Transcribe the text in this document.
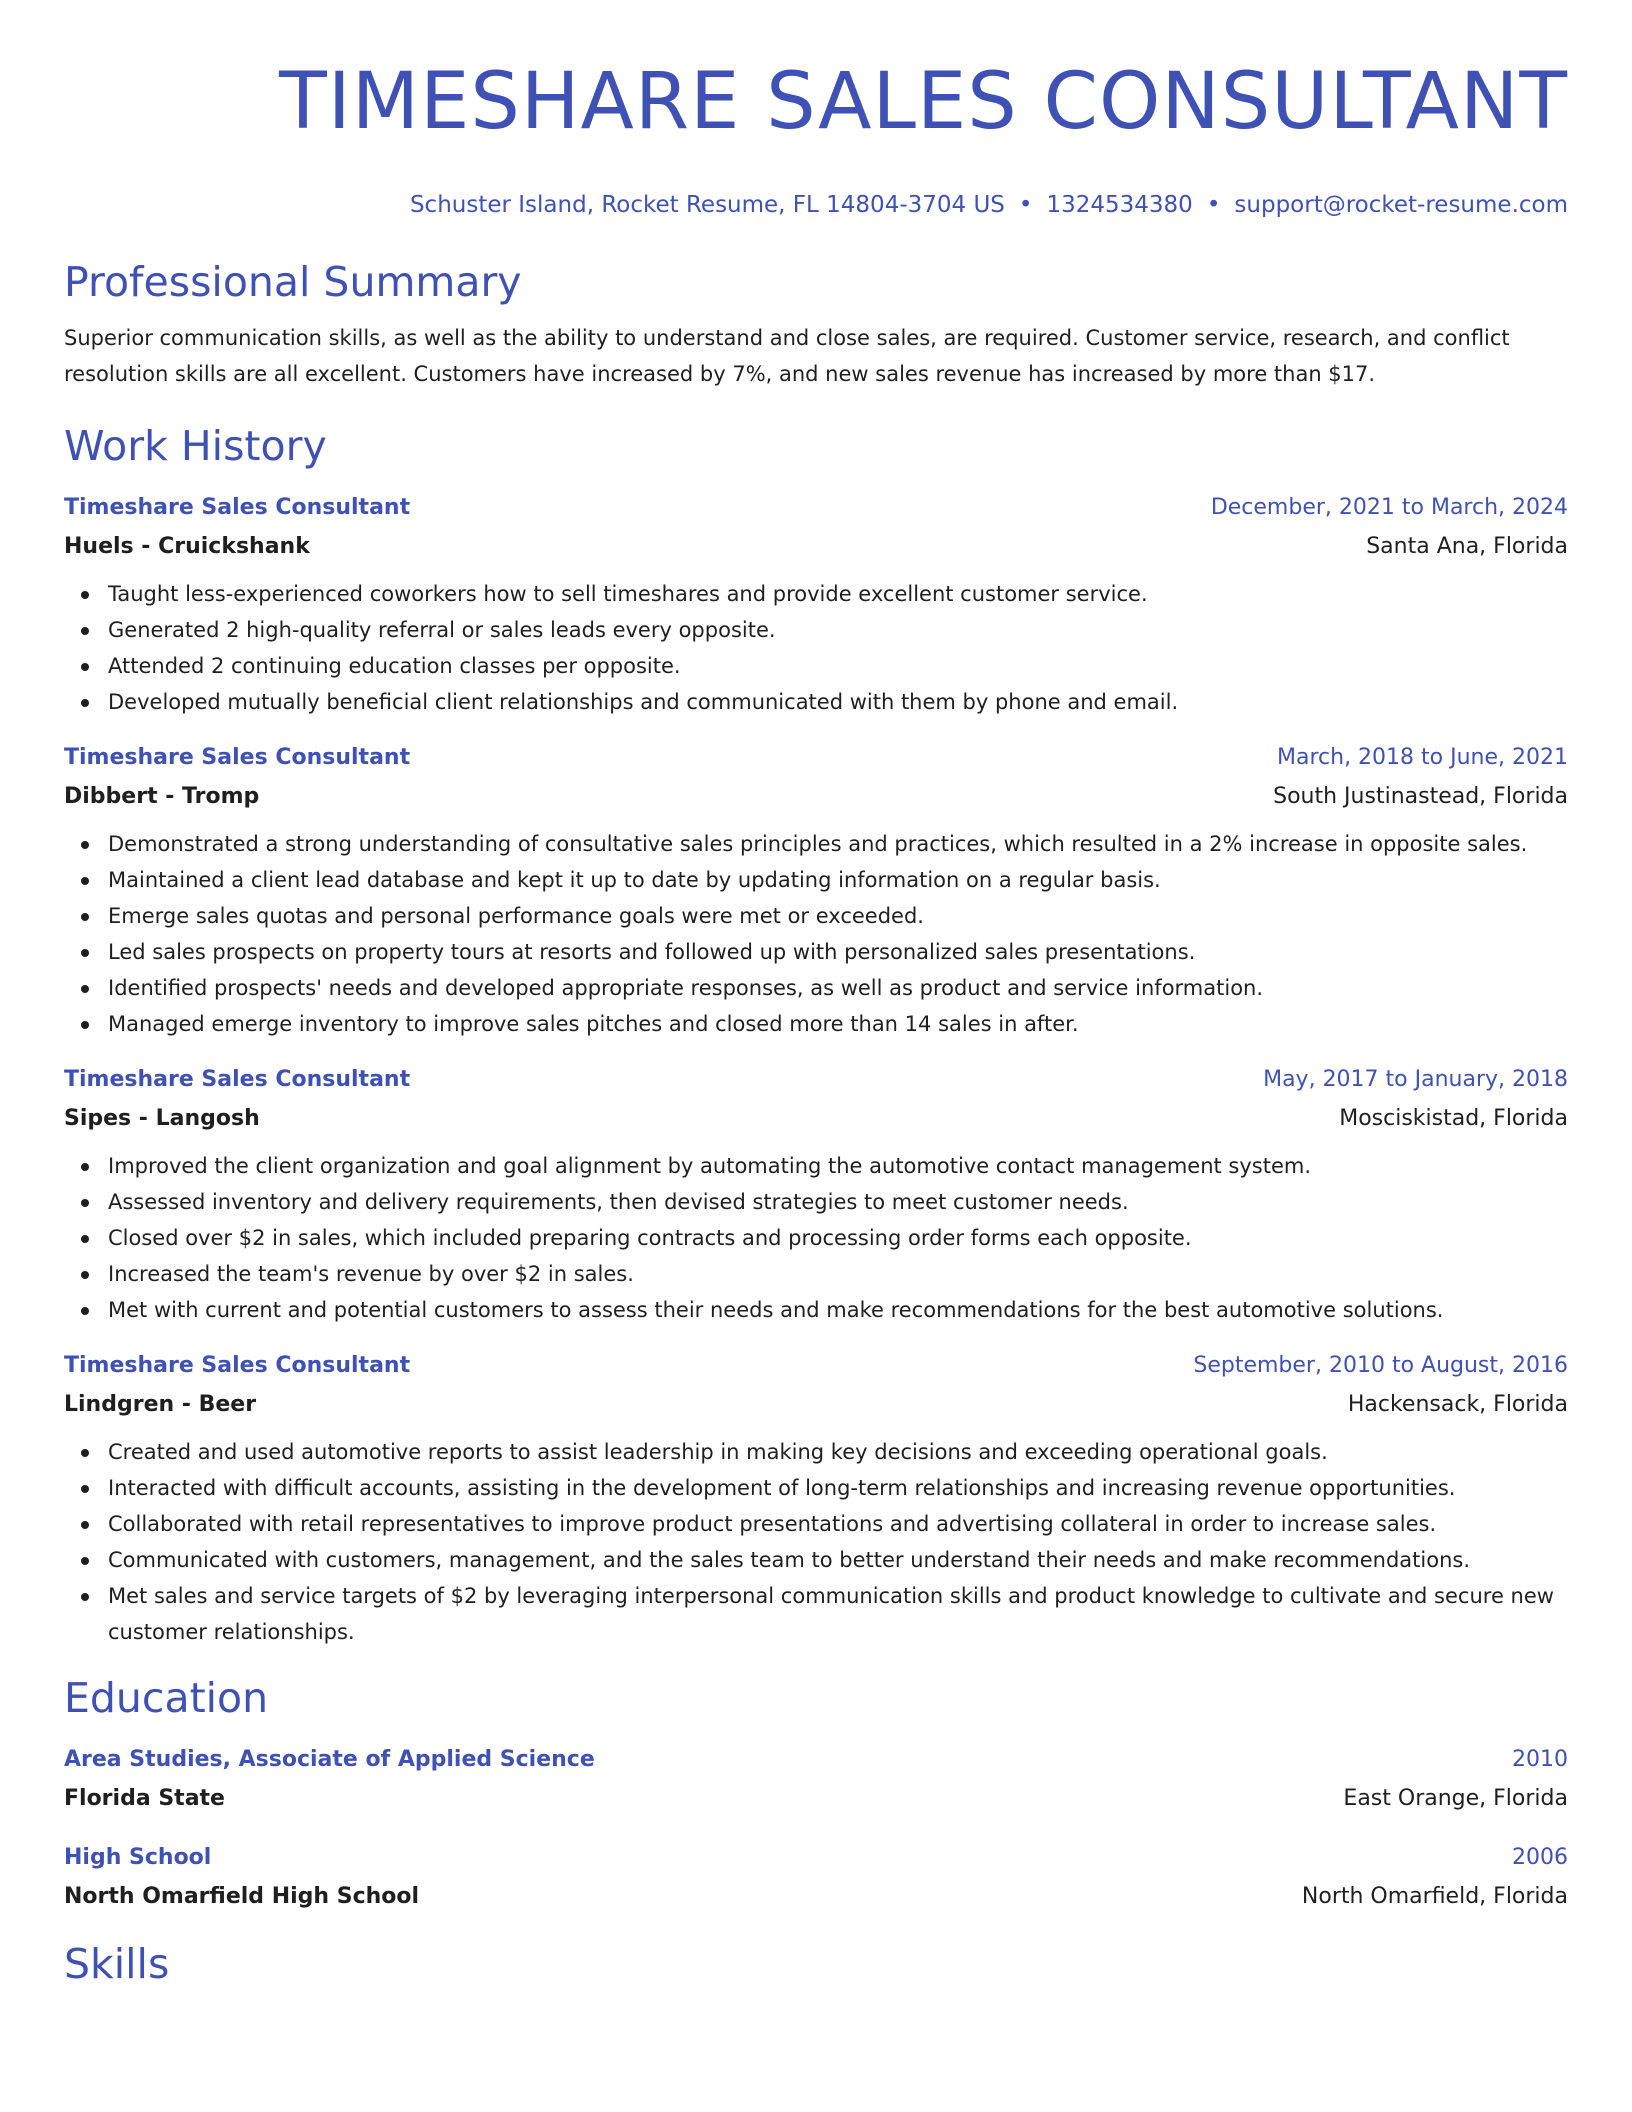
TIMESHARE SALES CONSULTANT
Schuster Island, Rocket Resume, FL 14804-3704 US • 1324534380 • support@rocket-resume.com
Professional Summary

Superior communication skills, as well as the ability to understand and close sales, are required. Customer service, research, and conflict resolution skills are all excellent. Customers have increased by 7%, and new sales revenue has increased by more than $17.

Work History
Timeshare Sales Consultant	December, 2021 to March, 2024
Huels - Cruickshank	Santa Ana, Florida
Taught less-experienced coworkers how to sell timeshares and provide excellent customer service.
Generated 2 high-quality referral or sales leads every opposite.
Attended 2 continuing education classes per opposite.
Developed mutually beneficial client relationships and communicated with them by phone and email.
Timeshare Sales Consultant	March, 2018 to June, 2021
Dibbert - Tromp	South Justinastead, Florida
Demonstrated a strong understanding of consultative sales principles and practices, which resulted in a 2% increase in opposite sales.
Maintained a client lead database and kept it up to date by updating information on a regular basis.
Emerge sales quotas and personal performance goals were met or exceeded.
Led sales prospects on property tours at resorts and followed up with personalized sales presentations.
Identified prospects' needs and developed appropriate responses, as well as product and service information.
Managed emerge inventory to improve sales pitches and closed more than 14 sales in after.
Timeshare Sales Consultant	May, 2017 to January, 2018
Sipes - Langosh	Mosciskistad, Florida
Improved the client organization and goal alignment by automating the automotive contact management system.
Assessed inventory and delivery requirements, then devised strategies to meet customer needs.
Closed over $2 in sales, which included preparing contracts and processing order forms each opposite.
Increased the team's revenue by over $2 in sales.
Met with current and potential customers to assess their needs and make recommendations for the best automotive solutions.
Timeshare Sales Consultant	September, 2010 to August, 2016
Lindgren - Beer	Hackensack, Florida
Created and used automotive reports to assist leadership in making key decisions and exceeding operational goals.
Interacted with difficult accounts, assisting in the development of long-term relationships and increasing revenue opportunities.
Collaborated with retail representatives to improve product presentations and advertising collateral in order to increase sales.
Communicated with customers, management, and the sales team to better understand their needs and make recommendations.
Met sales and service targets of $2 by leveraging interpersonal communication skills and product knowledge to cultivate and secure new customer relationships.
Education
Area Studies, Associate of Applied Science	2010
Florida State	East Orange, Florida
High School	2006
North Omarfield High School	North Omarfield, Florida
Skills
